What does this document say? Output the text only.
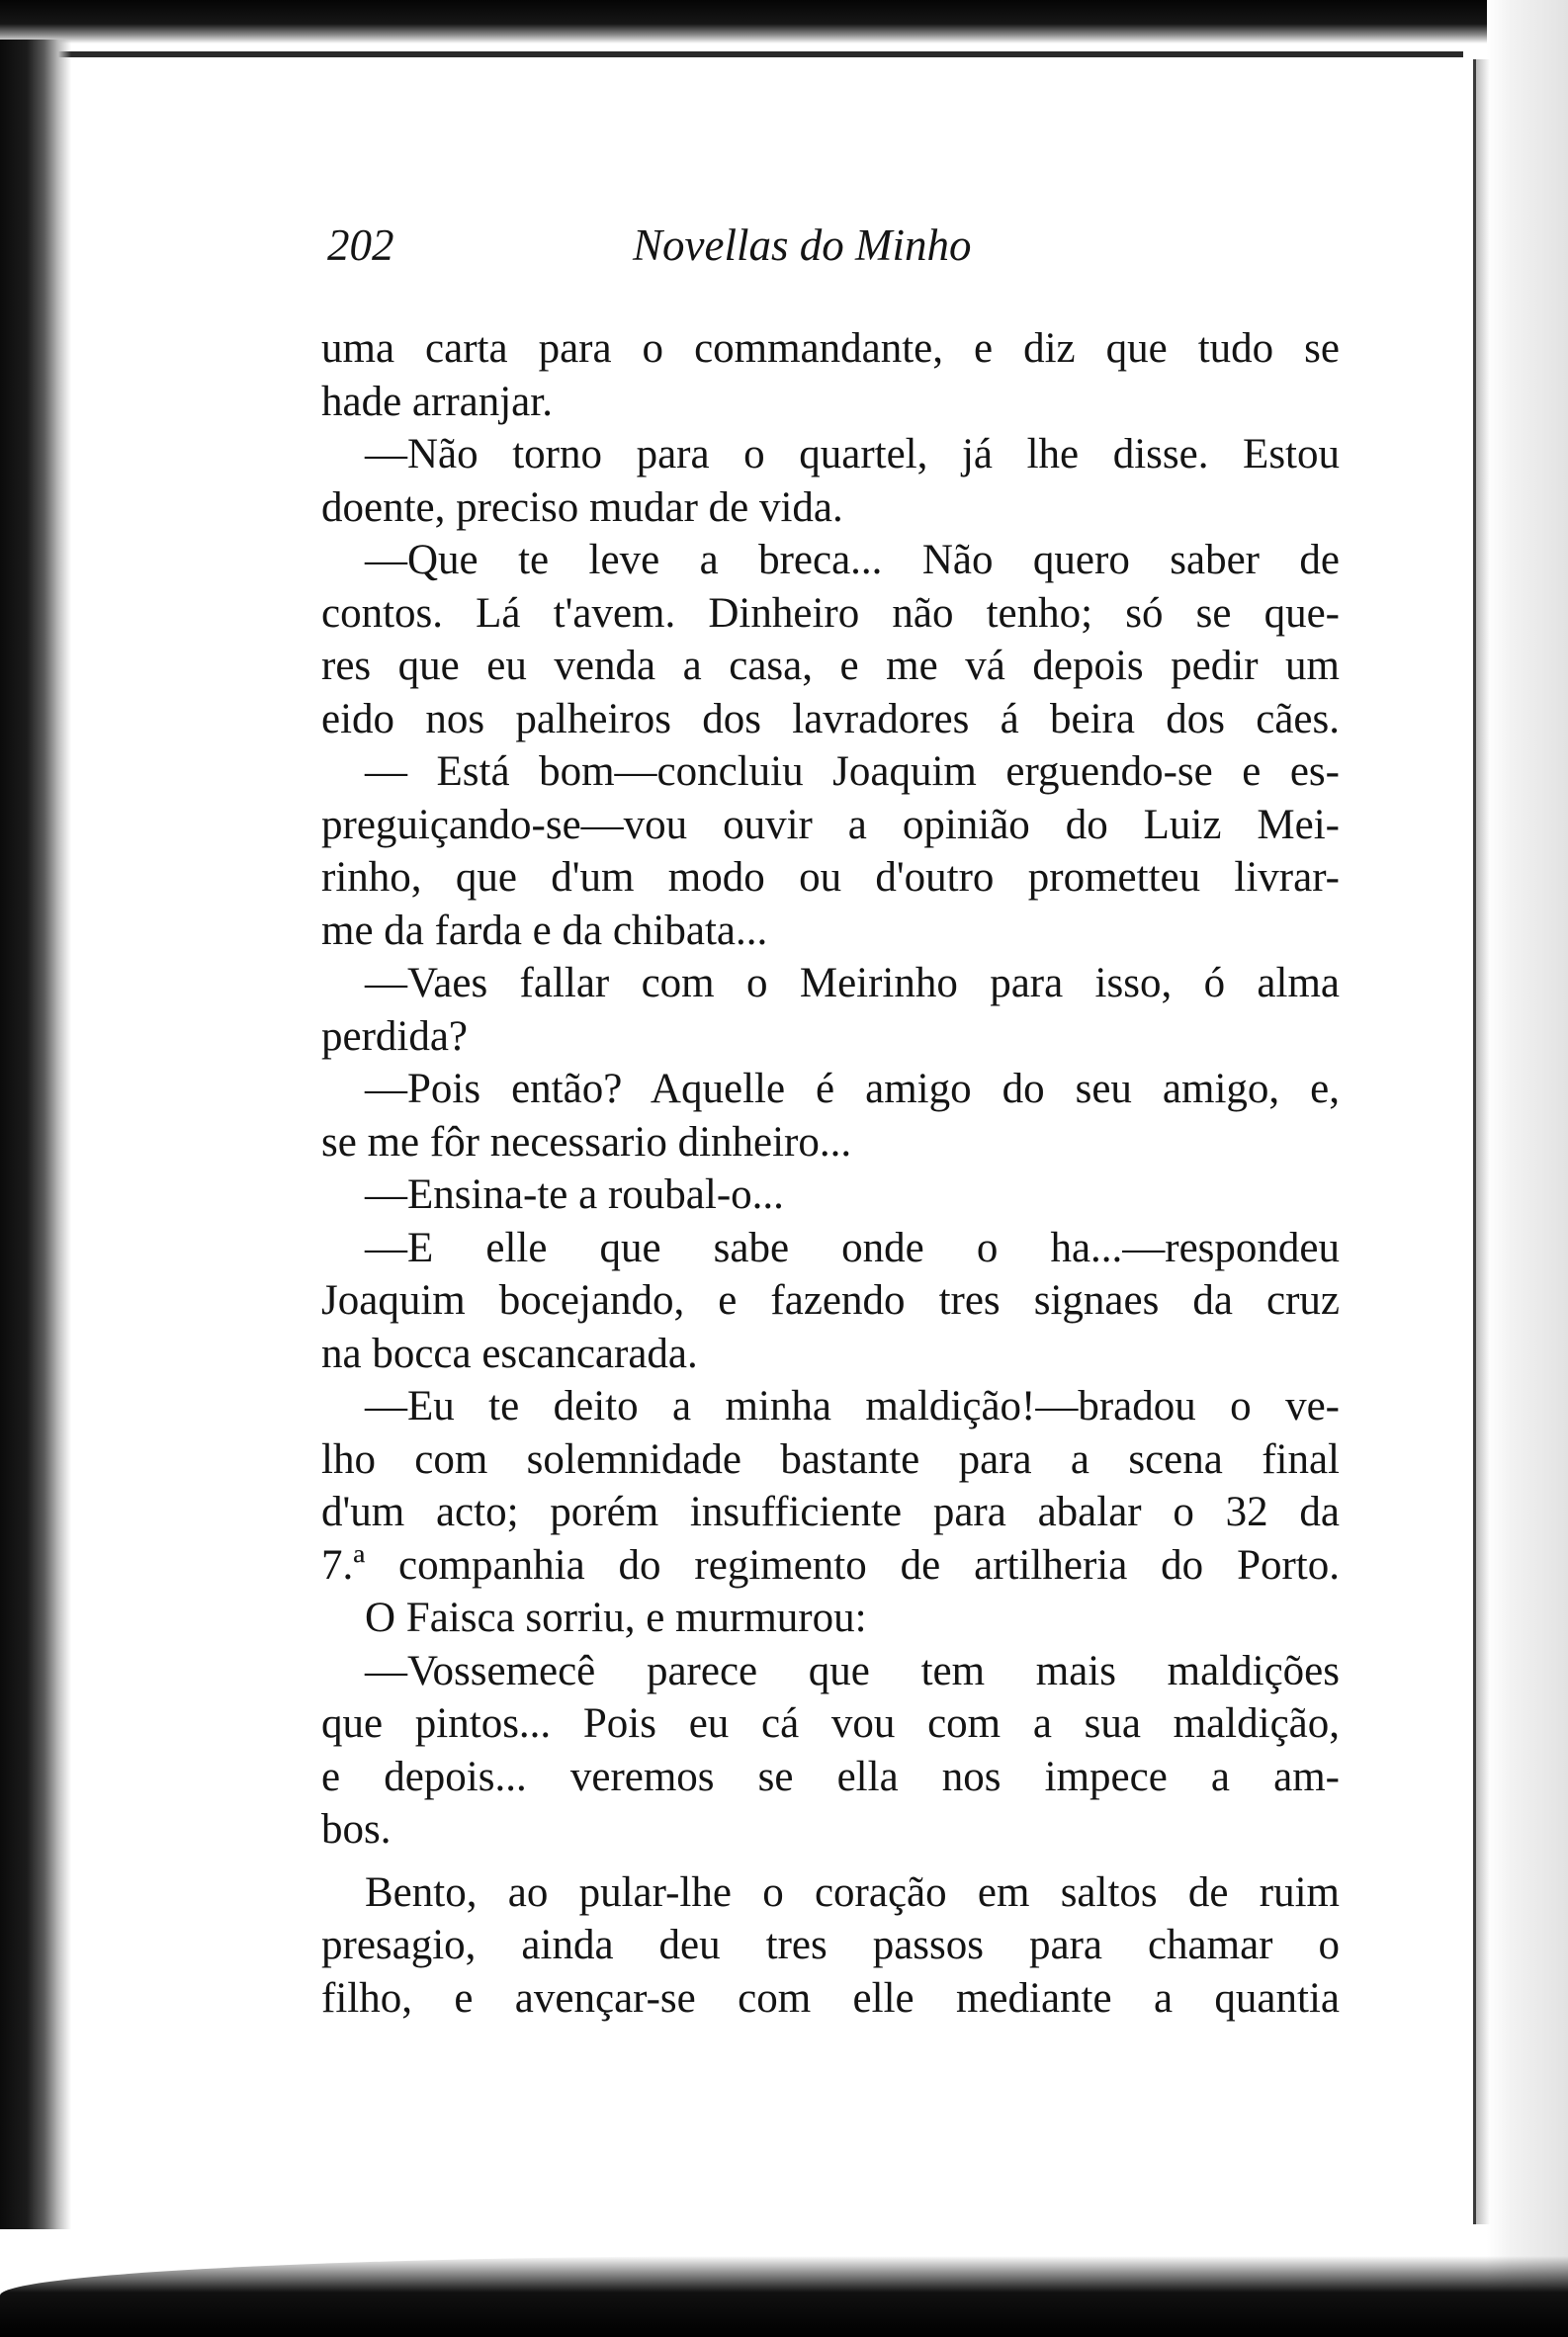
202	Novellas do Minho
uma carta para o commandante, e diz que tudo se
hade arranjar.
—Não torno para o quartel, já lhe disse. Estou
doente, preciso mudar de vida.
—Que te leve a breca... Não quero saber de
contos. Lá t'avem. Dinheiro não tenho; só se que-
res que eu venda a casa, e me vá depois pedir um
eido nos palheiros dos lavradores á beira dos cães.
— Está bom—concluiu Joaquim erguendo-se e es-
preguiçando-se—vou ouvir a opinião do Luiz Mei-
rinho, que d'um modo ou d'outro prometteu livrar-
me da farda e da chibata...
—Vaes fallar com o Meirinho para isso, ó alma
perdida?
—Pois então? Aquelle é amigo do seu amigo, e,
se me fôr necessario dinheiro...
—Ensina-te a roubal-o...
—E elle que sabe onde o ha...—respondeu
Joaquim bocejando, e fazendo tres signaes da cruz
na bocca escancarada.
—Eu te deito a minha maldição!—bradou o ve-
lho com solemnidade bastante para a scena final
d'um acto; porém insufficiente para abalar o 32 da
7.ª companhia do regimento de artilheria do Porto.
O Faisca sorriu, e murmurou:
—Vossemecê parece que tem mais maldições
que pintos... Pois eu cá vou com a sua maldição,
e depois... veremos se ella nos impece a am-
bos.
Bento, ao pular-lhe o coração em saltos de ruim
presagio, ainda deu tres passos para chamar o
filho, e avençar-se com elle mediante a quantia
